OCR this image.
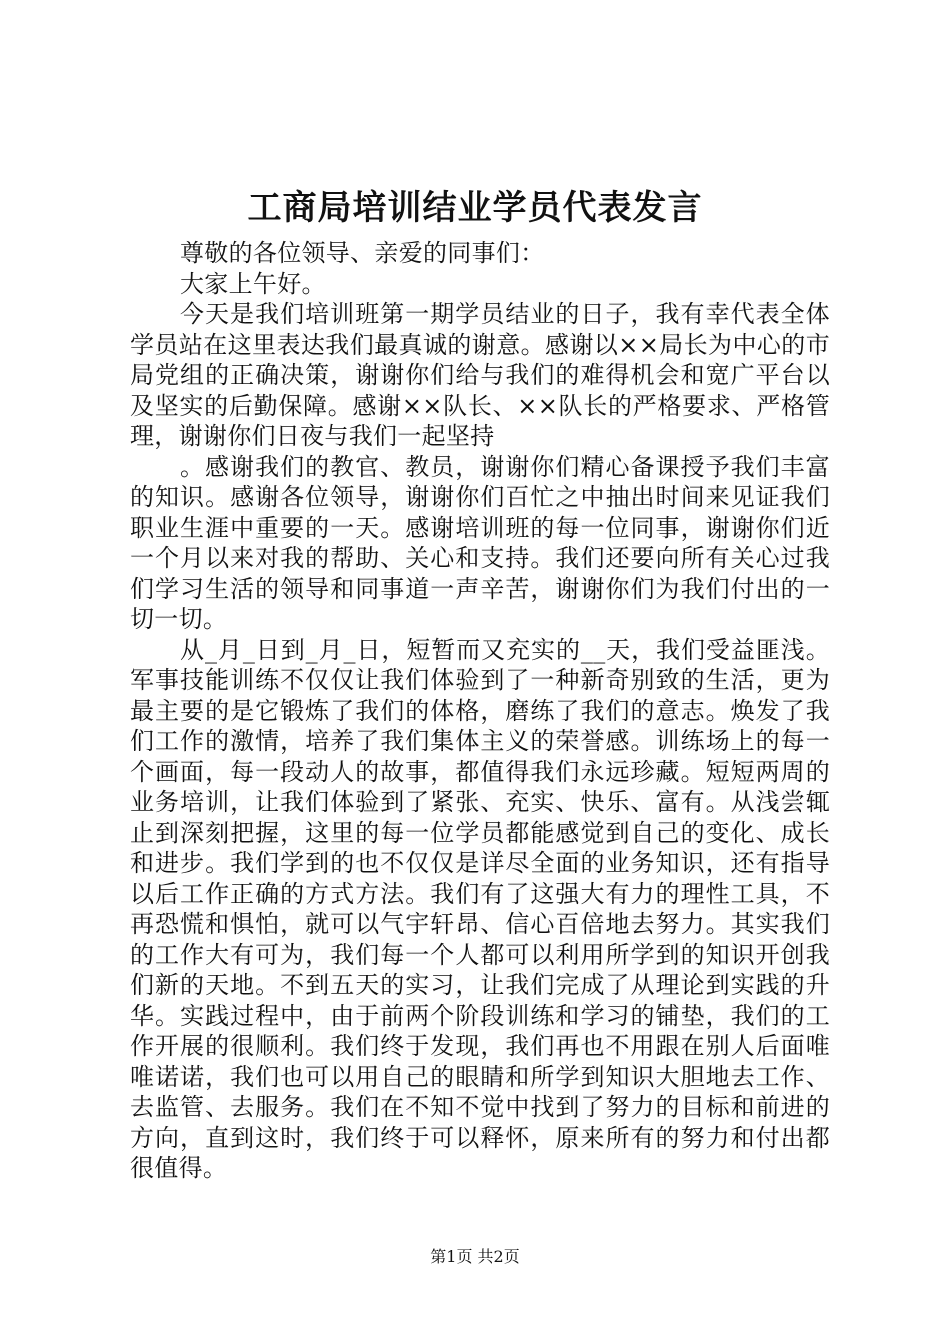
工商局培训结业学员代表发言

尊敬的各位领导、亲爱的同事们：

大家上午好。

今天是我们培训班第一期学员结业的日子，我有幸代表全体学员站在这里表达我们最真诚的谢意。感谢以××局长为中心的市局党组的正确决策，谢谢你们给与我们的难得机会和宽广平台以及坚实的后勤保障。感谢××队长、××队长的严格要求、严格管理，谢谢你们日夜与我们一起坚持

。感谢我们的教官、教员，谢谢你们精心备课授予我们丰富的知识。感谢各位领导，谢谢你们百忙之中抽出时间来见证我们职业生涯中重要的一天。感谢培训班的每一位同事，谢谢你们近一个月以来对我的帮助、关心和支持。我们还要向所有关心过我们学习生活的领导和同事道一声辛苦，谢谢你们为我们付出的一切一切。

从_月_日到_月_日，短暂而又充实的__天，我们受益匪浅。军事技能训练不仅仅让我们体验到了一种新奇别致的生活，更为最主要的是它锻炼了我们的体格，磨练了我们的意志。焕发了我们工作的激情，培养了我们集体主义的荣誉感。训练场上的每一个画面，每一段动人的故事，都值得我们永远珍藏。短短两周的业务培训，让我们体验到了紧张、充实、快乐、富有。从浅尝辄止到深刻把握，这里的每一位学员都能感觉到自己的变化、成长和进步。我们学到的也不仅仅是详尽全面的业务知识，还有指导以后工作正确的方式方法。我们有了这强大有力的理性工具，不再恐慌和惧怕，就可以气宇轩昂、信心百倍地去努力。其实我们的工作大有可为，我们每一个人都可以利用所学到的知识开创我们新的天地。不到五天的实习，让我们完成了从理论到实践的升华。实践过程中，由于前两个阶段训练和学习的铺垫，我们的工作开展的很顺利。我们终于发现，我们再也不用跟在别人后面唯唯诺诺，我们也可以用自己的眼睛和所学到知识大胆地去工作、去监管、去服务。我们在不知不觉中找到了努力的目标和前进的方向，直到这时，我们终于可以释怀，原来所有的努力和付出都很值得。

第1页 共2页
